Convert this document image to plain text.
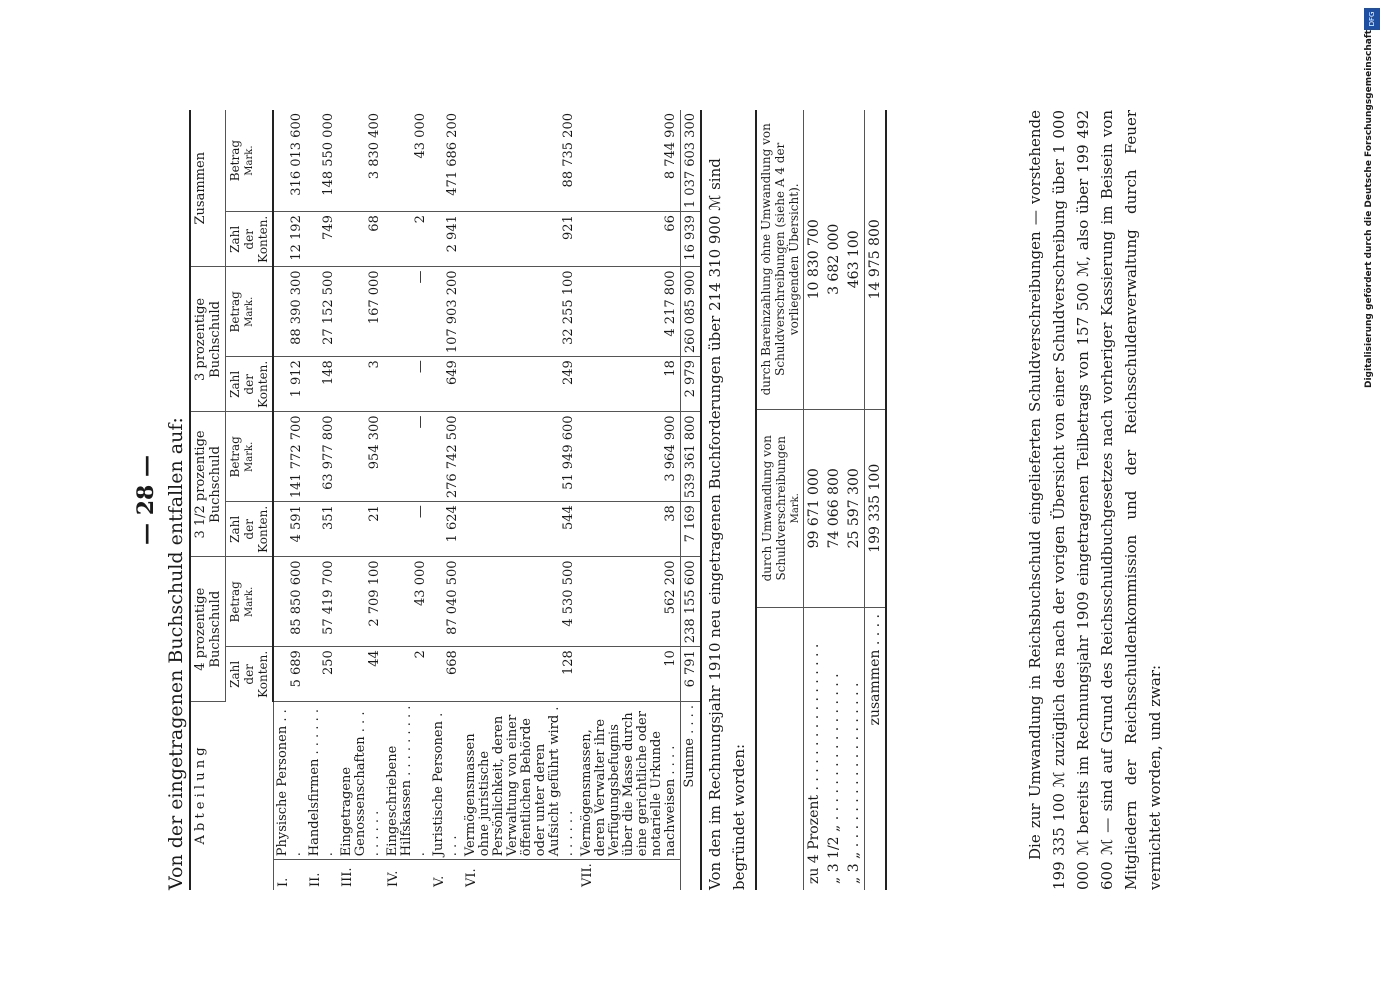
— 28 — Von der eingetragenen Buchschuld entfallen auf: A b t e i l u n g		4 prozentige Buchschuld		3 1/2 prozentige Buchschuld		3 prozentige Buchschuld		Zusammen	
		Zahl der Konten.	Betrag Mark.	Zahl der Konten.	Betrag Mark.	Zahl der Konten.	Betrag Mark.	Zahl der Konten.	Betrag Mark.

I.	Physische Personen . . .	5 689	85 850 600	4 591	141 772 700	1 912	88 390 300	12 192	316 013 600
II.	Handelsfirmen . . . . . . .	250	57 419 700	351	63 977 800	148	27 152 500	749	148 550 000
III.	Eingetragene Genossenschaften . . . . . . . . .	44	2 709 100	21	954 300	3	167 000	68	3 830 400
IV.	Eingeschriebene Hilfskassen . . . . . . . . . .	2	43 000	—	—	—	—	2	43 000
V.	Juristische Personen . . . .	668	87 040 500	1 624	276 742 500	649	107 903 200	2 941	471 686 200
VI.	Vermögensmassen ohne juristische Persönlichkeit, deren Verwaltung von einer öffentlichen Behörde oder unter deren Aufsicht geführt wird . . . . . . .	128	4 530 500	544	51 949 600	249	32 255 100	921	88 735 200
VII.	Vermögensmassen, deren Verwalter ihre Verfügungsbefugnis über die Masse durch eine gerichtliche oder notarielle Urkunde nachweisen . . . .	10	562 200	38	3 964 900	18	4 217 800	66	8 744 900
Summe . . . .		6 791	238 155 600	7 169	539 361 800	2 979	260 085 900	16 939	1 037 603 300 Von den im Rechnungsjahr 1910 neu eingetragenen Buchforderungen über 214 310 900 ℳ sind begründet worden:
	durch Umwandlung von Schuldverschreibungen Mark.	durch Bareinzahlung ohne Umwandlung von Schuldverschreibungen (siehe A 4 der vorliegenden Übersicht).
zu 4 Prozent . . . . . . . . . . . . . . . . .	99 671 000	10 830 700
„ 3 1/2 „ . . . . . . . . . . . . . . . . .	74 066 800	3 682 000
„ 3 „ . . . . . . . . . . . . . . . . . . .	25 597 300	463 100
zusammen . . . .	199 335 100	14 975 800	Die zur Umwandlung in Reichsbuchschuld eingelieferten Schuldverschreibungen — vorstehende 199 335 100 ℳ zuzüglich des nach der vorigen Übersicht von einer Schuldverschreibung über 1 000 000 ℳ bereits im Rechnungsjahr 1909 eingetragenen Teilbetrags von 157 500 ℳ, also über 199 492 600 ℳ — sind auf Grund des Reichsschuldbuchgesetzes nach vorheriger Kassierung im Beisein von Mitgliedern der Reichsschuldenkommission und der Reichsschuldenverwaltung durch Feuer vernichtet worden, und zwar:
DFG
Digitalisierung gefördert durch die Deutsche Forschungsgemeinschaft
